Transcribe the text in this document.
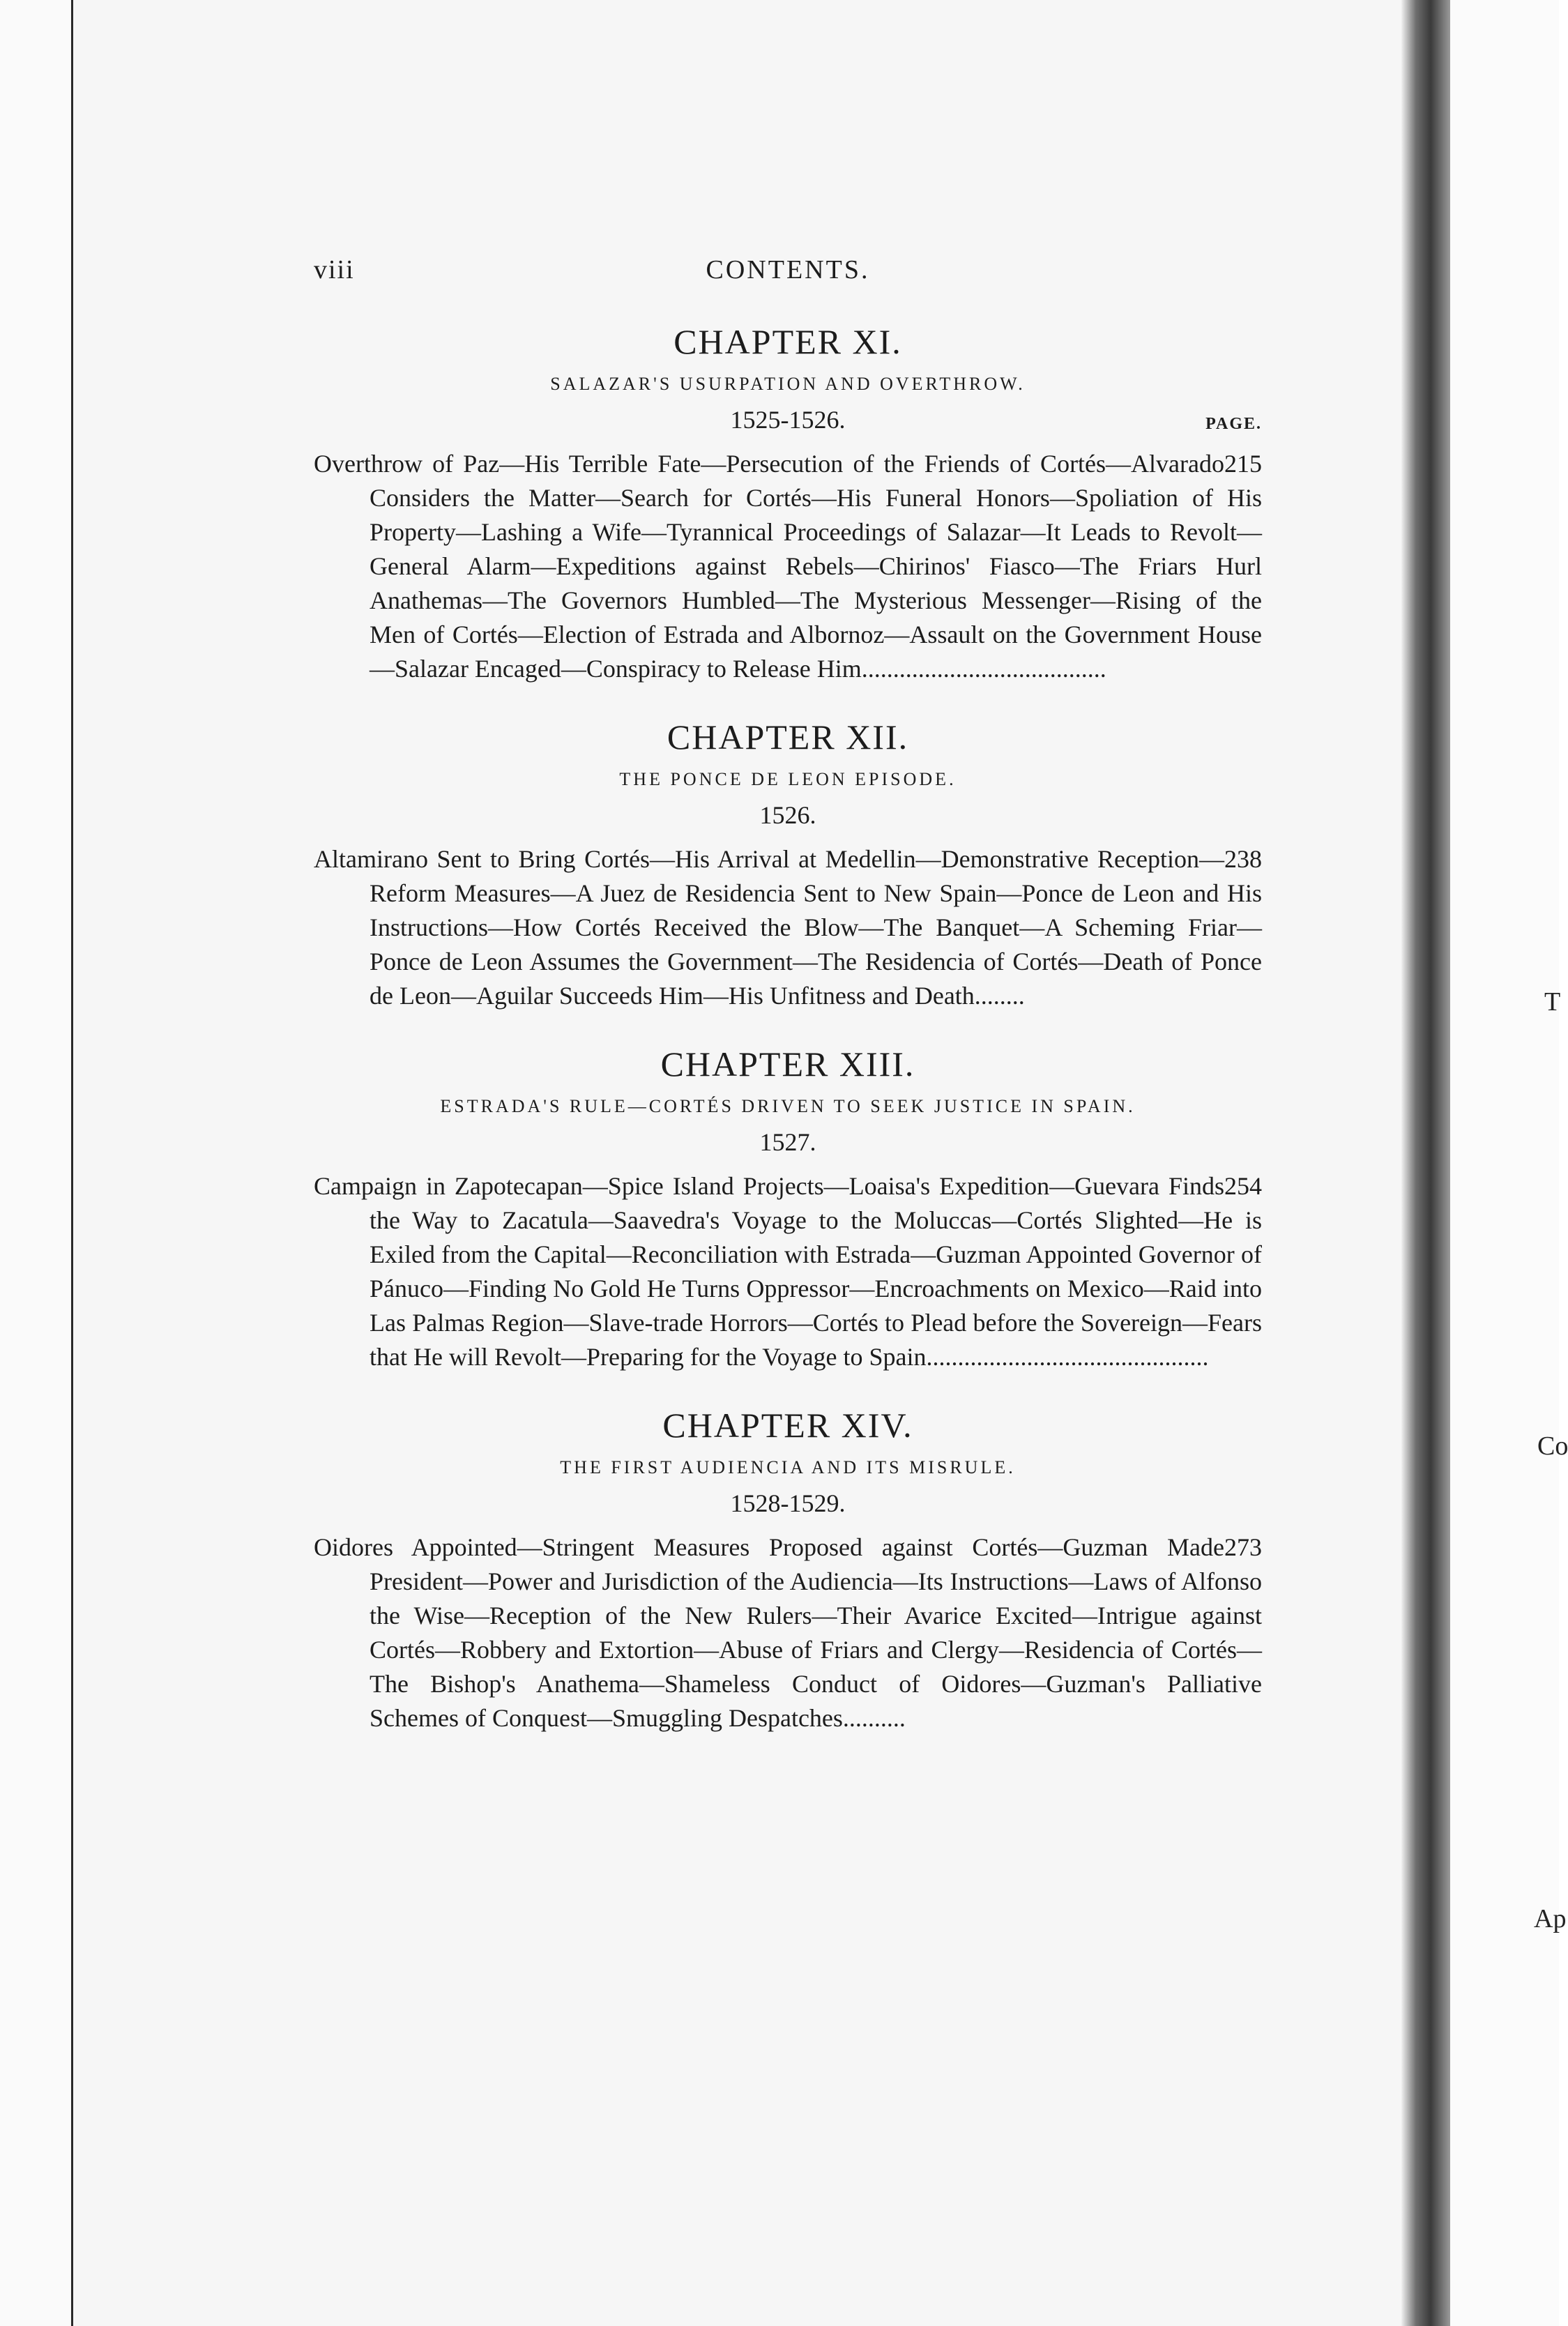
T
Co
Ap
viii	CONTENTS.
CHAPTER XI.
SALAZAR'S USURPATION AND OVERTHROW.
1525-1526.	PAGE.

215
Overthrow of Paz—His Terrible Fate—Persecution of the Friends of Cortés—Alvarado Considers the Matter—Search for Cortés—His Funeral Honors—Spoliation of His Property—Lashing a Wife—Tyrannical Proceedings of Salazar—It Leads to Revolt—General Alarm—Expeditions against Rebels—Chirinos' Fiasco—The Friars Hurl Anathemas—The Governors Humbled—The Mysterious Messenger—Rising of the Men of Cortés—Election of Estrada and Albornoz—Assault on the Government House—Salazar Encaged—Conspiracy to Release Him.......................................

CHAPTER XII.
THE PONCE DE LEON EPISODE.
1526.

238
Altamirano Sent to Bring Cortés—His Arrival at Medellin—Demonstrative Reception—Reform Measures—A Juez de Residencia Sent to New Spain—Ponce de Leon and His Instructions—How Cortés Received the Blow—The Banquet—A Scheming Friar—Ponce de Leon Assumes the Government—The Residencia of Cortés—Death of Ponce de Leon—Aguilar Succeeds Him—His Unfitness and Death........

CHAPTER XIII.
ESTRADA'S RULE—CORTÉS DRIVEN TO SEEK JUSTICE IN SPAIN.
1527.

254
Campaign in Zapotecapan—Spice Island Projects—Loaisa's Expedition—Guevara Finds the Way to Zacatula—Saavedra's Voyage to the Moluccas—Cortés Slighted—He is Exiled from the Capital—Reconciliation with Estrada—Guzman Appointed Governor of Pánuco—Finding No Gold He Turns Oppressor—Encroachments on Mexico—Raid into Las Palmas Region—Slave-trade Horrors—Cortés to Plead before the Sovereign—Fears that He will Revolt—Preparing for the Voyage to Spain.............................................

CHAPTER XIV.
THE FIRST AUDIENCIA AND ITS MISRULE.
1528-1529.

273
Oidores Appointed—Stringent Measures Proposed against Cortés—Guzman Made President—Power and Jurisdiction of the Audiencia—Its Instructions—Laws of Alfonso the Wise—Reception of the New Rulers—Their Avarice Excited—Intrigue against Cortés—Robbery and Extortion—Abuse of Friars and Clergy—Residencia of Cortés—The Bishop's Anathema—Shameless Conduct of Oidores—Guzman's Palliative Schemes of Conquest—Smuggling Despatches..........
